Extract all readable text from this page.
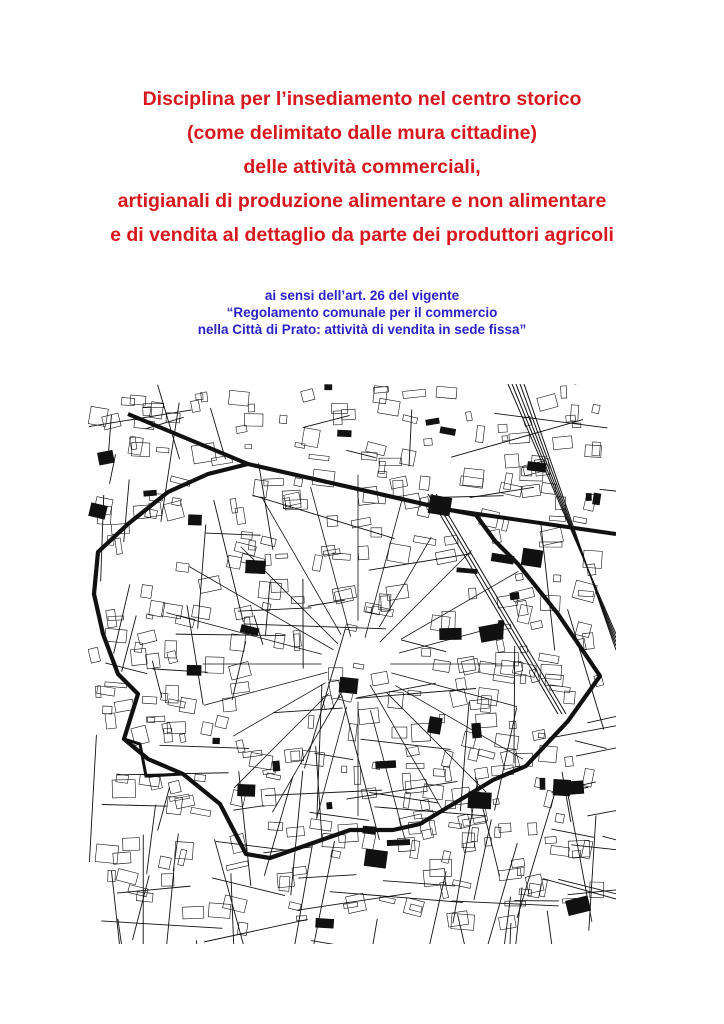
Disciplina per l’insediamento nel centro storico
(come delimitato dalle mura cittadine)
delle attività commerciali,
artigianali di produzione alimentare e non alimentare
e di vendita al dettaglio da parte dei produttori agricoli
ai sensi dell’art. 26 del vigente
“Regolamento comunale per il commercio
nella Città di Prato: attività di vendita in sede fissa”
